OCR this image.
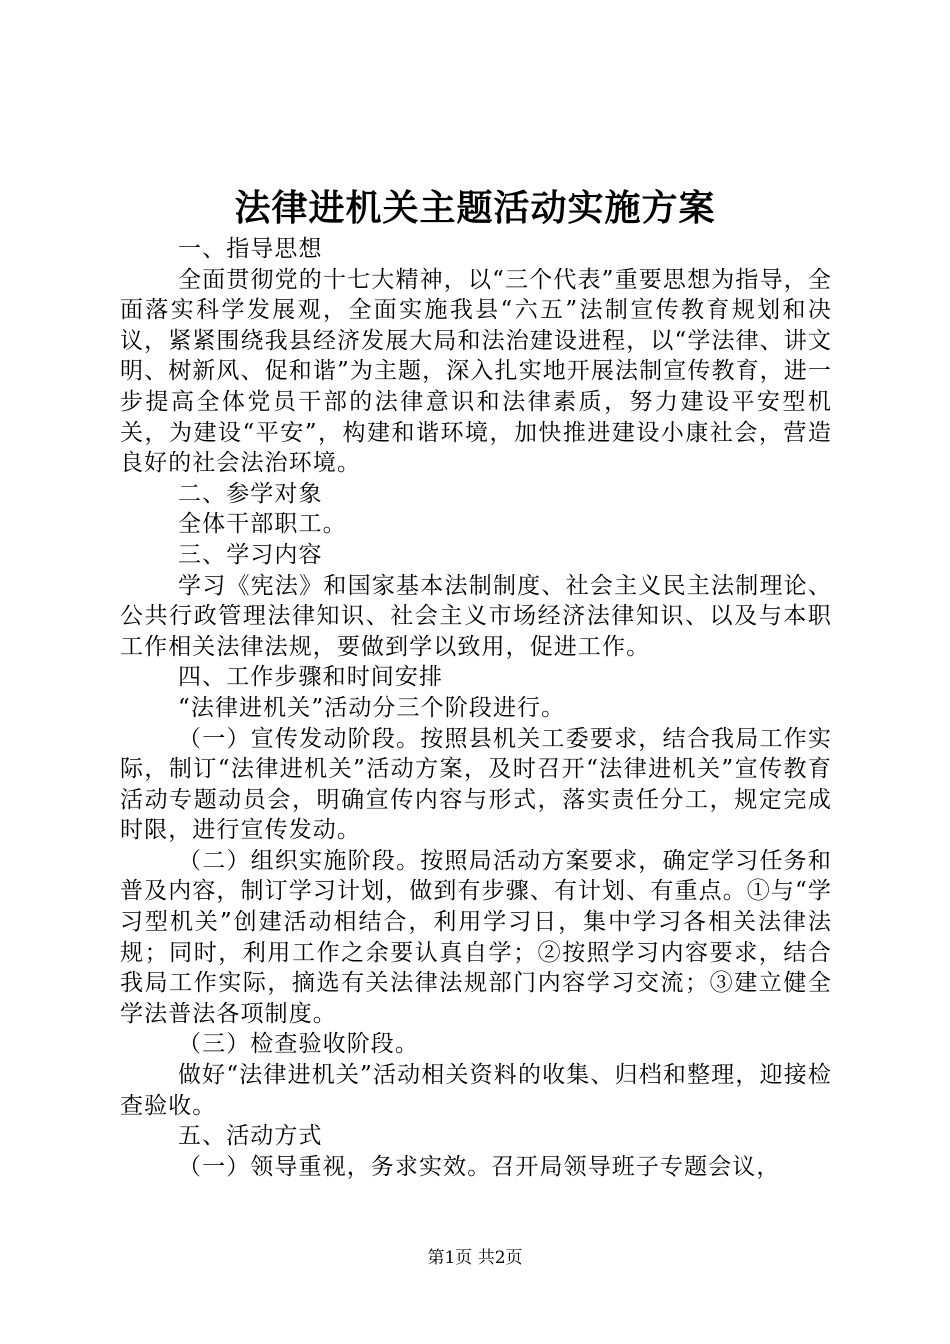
法律进机关主题活动实施方案

一、指导思想

全面贯彻党的十七大精神，以“三个代表”重要思想为指导，全面落实科学发展观，全面实施我县“六五”法制宣传教育规划和决议，紧紧围绕我县经济发展大局和法治建设进程，以“学法律、讲文明、树新风、促和谐”为主题，深入扎实地开展法制宣传教育，进一步提高全体党员干部的法律意识和法律素质，努力建设平安型机关，为建设“平安”，构建和谐环境，加快推进建设小康社会，营造良好的社会法治环境。

二、参学对象

全体干部职工。

三、学习内容

学习《宪法》和国家基本法制制度、社会主义民主法制理论、公共行政管理法律知识、社会主义市场经济法律知识、以及与本职工作相关法律法规，要做到学以致用，促进工作。

四、工作步骤和时间安排

“法律进机关”活动分三个阶段进行。

（一）宣传发动阶段。按照县机关工委要求，结合我局工作实际，制订“法律进机关”活动方案，及时召开“法律进机关”宣传教育活动专题动员会，明确宣传内容与形式，落实责任分工，规定完成时限，进行宣传发动。

（二）组织实施阶段。按照局活动方案要求，确定学习任务和普及内容，制订学习计划，做到有步骤、有计划、有重点。①与“学习型机关”创建活动相结合，利用学习日，集中学习各相关法律法规；同时，利用工作之余要认真自学；②按照学习内容要求，结合我局工作实际，摘选有关法律法规部门内容学习交流；③建立健全学法普法各项制度。

（三）检查验收阶段。

做好“法律进机关”活动相关资料的收集、归档和整理，迎接检查验收。

五、活动方式

（一）领导重视，务求实效。召开局领导班子专题会议，

第1页 共2页
